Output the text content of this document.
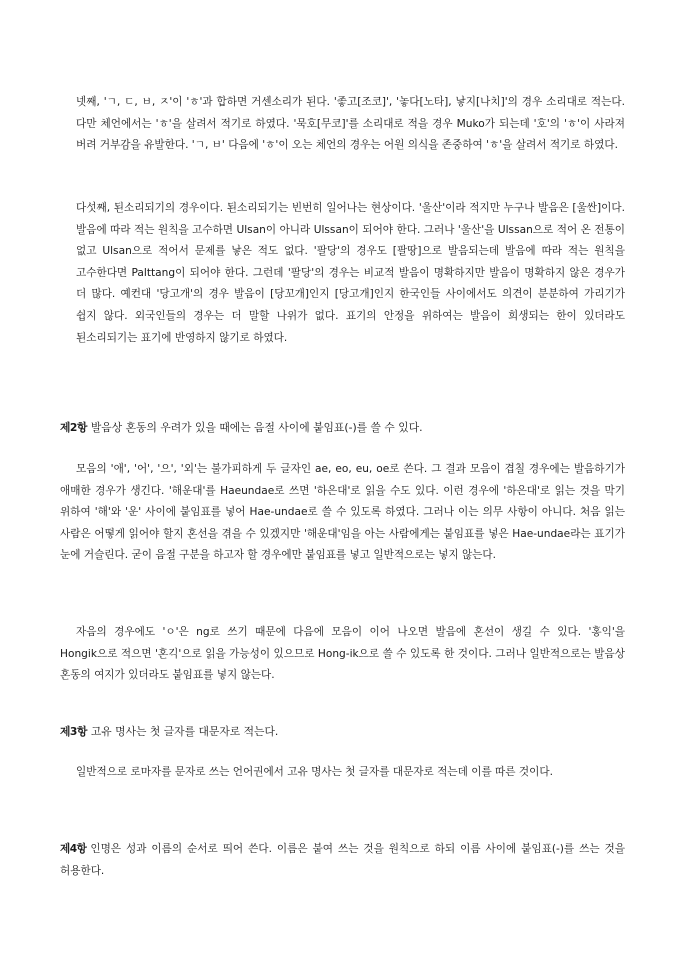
넷째, 'ㄱ, ㄷ, ㅂ, ㅈ'이 'ㅎ'과 합하면 거센소리가 된다. '좋고[조코]', '놓다[노타], 낳지[나치]'의 경우 소리대로 적는다. 다만 체언에서는 'ㅎ'을 살려서 적기로 하였다. '묵호[무코]'를 소리대로 적을 경우 Muko가 되는데 '호'의 'ㅎ'이 사라져 버려 거부감을 유발한다. 'ㄱ, ㅂ' 다음에 'ㅎ'이 오는 체언의 경우는 어원 의식을 존중하여 'ㅎ'을 살려서 적기로 하였다.

다섯째, 된소리되기의 경우이다. 된소리되기는 빈번히 일어나는 현상이다. '울산'이라 적지만 누구나 발음은 [울싼]이다. 발음에 따라 적는 원칙을 고수하면 Ulsan이 아니라 Ulssan이 되어야 한다. 그러나 '울산'을 Ulssan으로 적어 온 전통이 없고 Ulsan으로 적어서 문제를 낳은 적도 없다. '팔당'의 경우도 [팔땅]으로 발음되는데 발음에 따라 적는 원칙을 고수한다면 Palttang이 되어야 한다. 그런데 '팔당'의 경우는 비교적 발음이 명확하지만 발음이 명확하지 않은 경우가 더 많다. 예컨대 '당고개'의 경우 발음이 [당꼬개]인지 [당고개]인지 한국인들 사이에서도 의견이 분분하여 가리기가 쉽지 않다. 외국인들의 경우는 더 말할 나위가 없다. 표기의 안정을 위하여는 발음이 희생되는 한이 있더라도 된소리되기는 표기에 반영하지 않기로 하였다.

제2항 발음상 혼동의 우려가 있을 때에는 음절 사이에 붙임표(-)를 쓸 수 있다.

모음의 '애', '어', '으', '외'는 불가피하게 두 글자인 ae, eo, eu, oe로 쓴다. 그 결과 모음이 겹칠 경우에는 발음하기가 애매한 경우가 생긴다. '해운대'를 Haeundae로 쓰면 '하은대'로 읽을 수도 있다. 이런 경우에 '하은대'로 읽는 것을 막기 위하여 '해'와 '운' 사이에 붙임표를 넣어 Hae-undae로 쓸 수 있도록 하였다. 그러나 이는 의무 사항이 아니다. 처음 읽는 사람은 어떻게 읽어야 할지 혼선을 겪을 수 있겠지만 '해운대'임을 아는 사람에게는 붙임표를 넣은 Hae-undae라는 표기가 눈에 거슬린다. 굳이 음절 구분을 하고자 할 경우에만 붙임표를 넣고 일반적으로는 넣지 않는다.

자음의 경우에도 'ㅇ'은 ng로 쓰기 때문에 다음에 모음이 이어 나오면 발음에 혼선이 생길 수 있다. '홍익'을 Hongik으로 적으면 '혼긱'으로 읽을 가능성이 있으므로 Hong-ik으로 쓸 수 있도록 한 것이다. 그러나 일반적으로는 발음상 혼동의 여지가 있더라도 붙임표를 넣지 않는다.

제3항 고유 명사는 첫 글자를 대문자로 적는다.

일반적으로 로마자를 문자로 쓰는 언어권에서 고유 명사는 첫 글자를 대문자로 적는데 이를 따른 것이다.

제4항 인명은 성과 이름의 순서로 띄어 쓴다. 이름은 붙여 쓰는 것을 원칙으로 하되 이름 사이에 붙임표(-)를 쓰는 것을 허용한다.
